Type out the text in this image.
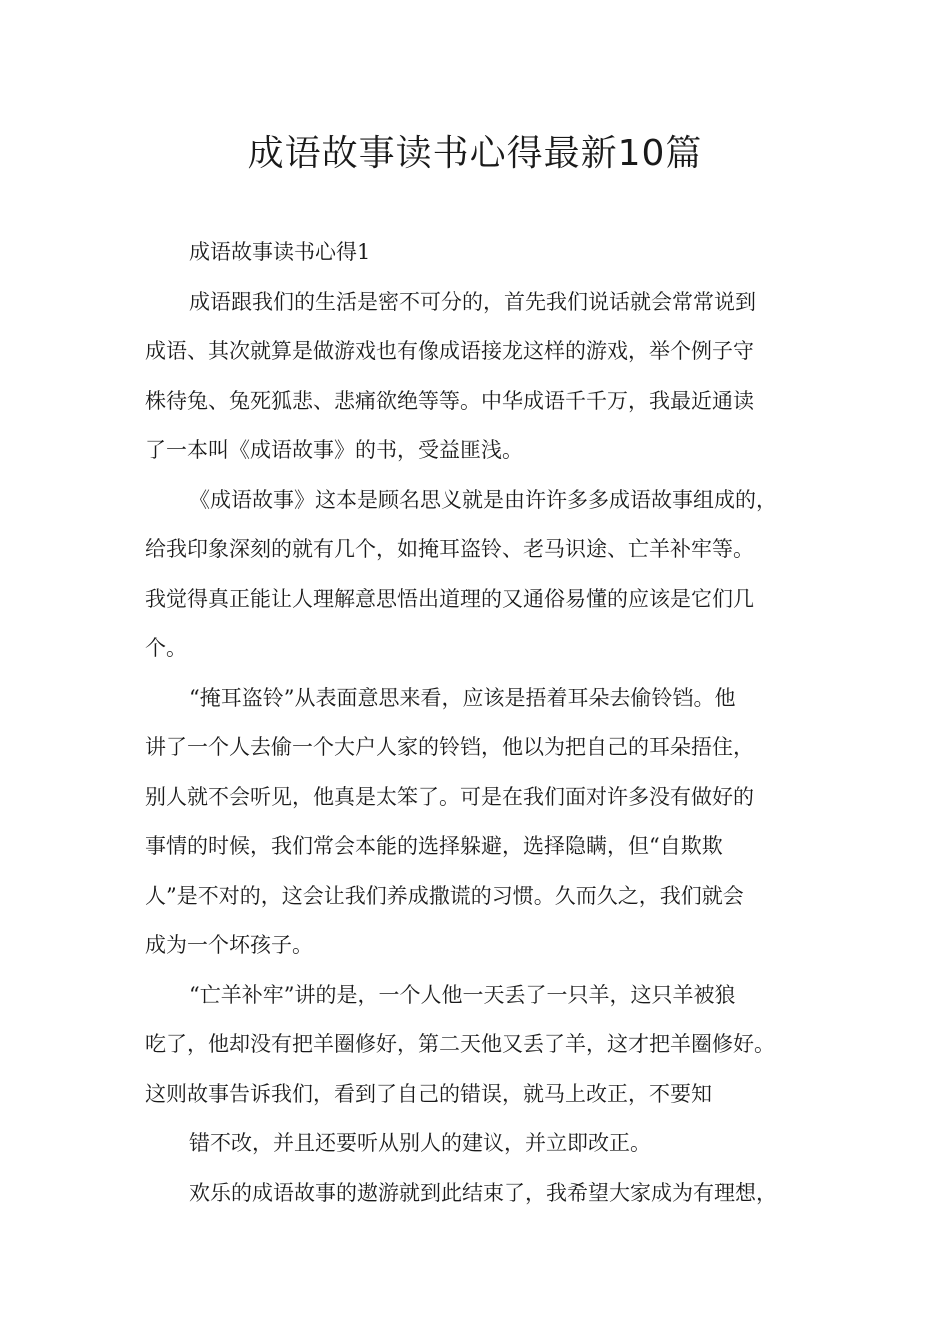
成语故事读书心得最新10篇
成语故事读书心得1
成语跟我们的生活是密不可分的，首先我们说话就会常常说到
成语、其次就算是做游戏也有像成语接龙这样的游戏，举个例子守
株待兔、兔死狐悲、悲痛欲绝等等。中华成语千千万，我最近通读
了一本叫《成语故事》的书，受益匪浅。
《成语故事》这本是顾名思义就是由许许多多成语故事组成的，
给我印象深刻的就有几个，如掩耳盗铃、老马识途、亡羊补牢等。
我觉得真正能让人理解意思悟出道理的又通俗易懂的应该是它们几
个。
“掩耳盗铃”从表面意思来看，应该是捂着耳朵去偷铃铛。他
讲了一个人去偷一个大户人家的铃铛，他以为把自己的耳朵捂住，
别人就不会听见，他真是太笨了。可是在我们面对许多没有做好的
事情的时候，我们常会本能的选择躲避，选择隐瞒，但“自欺欺
人”是不对的，这会让我们养成撒谎的习惯。久而久之，我们就会
成为一个坏孩子。
“亡羊补牢”讲的是，一个人他一天丢了一只羊，这只羊被狼
吃了，他却没有把羊圈修好，第二天他又丢了羊，这才把羊圈修好。
这则故事告诉我们，看到了自己的错误，就马上改正，不要知
错不改，并且还要听从别人的建议，并立即改正。
欢乐的成语故事的遨游就到此结束了，我希望大家成为有理想，
